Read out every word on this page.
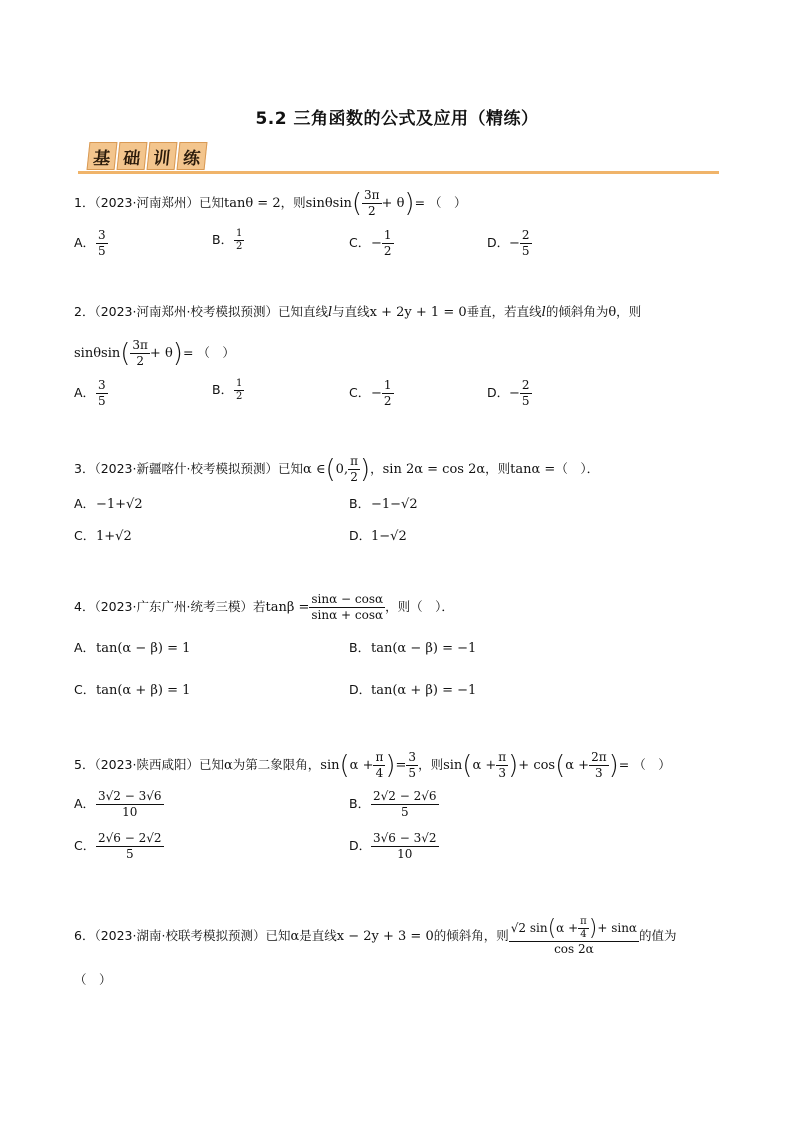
5.2 三角函数的公式及应用（精练）
基 础 训 练
1．（2023·河南郑州）已知tanθ = 2，则$\sin\theta\sin( \frac{3\pi}{2} + \theta)=$ （　）
A． $\frac{3}{5}$	B． $\frac{1}{2}$	C．− $\frac{1}{2}$	D．− $\frac{2}{5}$
2．（2023·河南郑州·校考模拟预测）已知直线l与直线x + 2y + 1 = 0垂直，若直线l的倾斜角为θ，则
$\sin\theta\sin( \frac{3\pi}{2} + \theta)=$ （　）
A． $\frac{3}{5}$	B． $\frac{1}{2}$	C．− $\frac{1}{2}$	D．− $\frac{2}{5}$
3．（2023·新疆喀什·校考模拟预测）已知α ∈(0, $\frac{\pi}{2}$ )，sin 2α = cos 2α，则tanα =（　）．
A．−1+√2	B．−1−√2
C．1+√2	D．1−√2
4．（2023·广东广州·统考三模）若$\tan\beta = \frac{\sin\alpha - \cos\alpha}{\sin\alpha + \cos\alpha}$ ，则（　）．
A．tan(α − β) = 1	B．tan(α − β) = −1
C．tan(α + β) = 1	D．tan(α + β) = −1
5．（2023·陕西咸阳）已知α为第二象限角，$\sin(\alpha + \frac{\pi}{4}$ )= $\frac{3}{5}$ ，则$\sin(\alpha + \frac{\pi}{3}$ )+ $\cos(\alpha + \frac{2\pi}{3}$ )= （　）
A． $\frac{3√2 - 3√6}{10}$	B． $\frac{2√2 - 2√6}{5}$
C． $\frac{2√6 - 2√2}{5}$	D． $\frac{3√6 - 3√2}{10}$
6．（2023·湖南·校联考模拟预测）已知α是直线x − 2y + 3 = 0的倾斜角，则 $\frac{√2 \sin(\alpha + \frac{\pi}{4} )+ \sin\alpha}{\cos 2\alpha}$ 的值为
（　）
